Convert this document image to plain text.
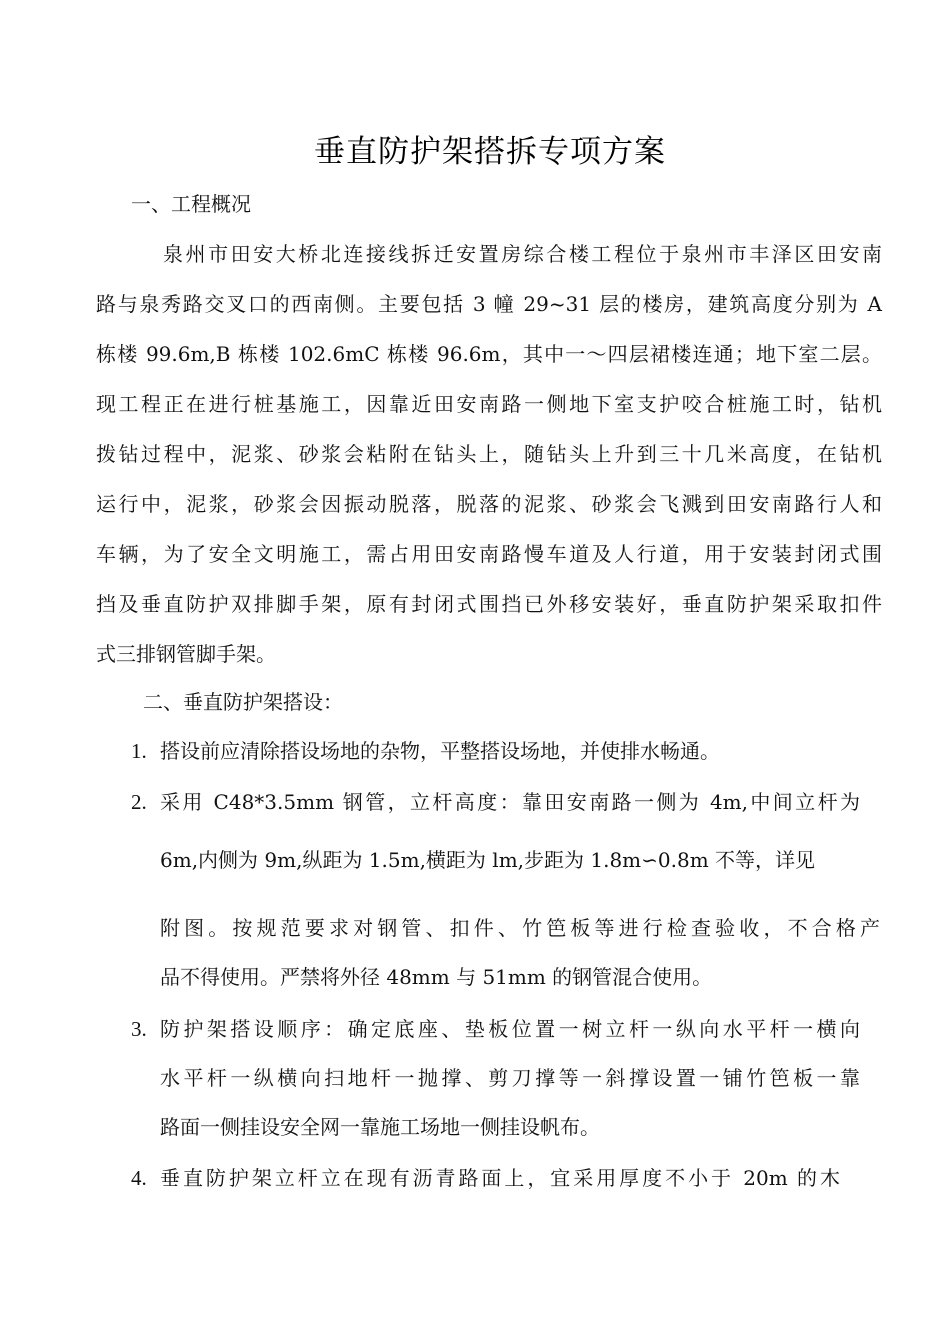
垂直防护架搭拆专项方案
一、工程概况
泉州市田安大桥北连接线拆迁安置房综合楼工程位于泉州市丰泽区田安南
路与泉秀路交叉口的西南侧。主要包括 3 幢 29~31 层的楼房，建筑高度分别为 A
栋楼 99.6m,B 栋楼 102.6mC 栋楼 96.6m，其中一～四层裙楼连通；地下室二层。
现工程正在进行桩基施工，因靠近田安南路一侧地下室支护咬合桩施工时，钻机
拨钻过程中，泥浆、砂浆会粘附在钻头上，随钻头上升到三十几米高度，在钻机
运行中，泥浆，砂浆会因振动脱落，脱落的泥浆、砂浆会飞溅到田安南路行人和
车辆，为了安全文明施工，需占用田安南路慢车道及人行道，用于安装封闭式围
挡及垂直防护双排脚手架，原有封闭式围挡已外移安装好，垂直防护架采取扣件
式三排钢管脚手架。
二、垂直防护架搭设：
1. 搭设前应清除搭设场地的杂物，平整搭设场地，并使排水畅通。
2. 采用 C48*3.5mm 钢管，立杆高度：靠田安南路一侧为 4m,中间立杆为
6m,内侧为 9m,纵距为 1.5m,横距为 lm,步距为 1.8m∽0.8m 不等，详见
附图。按规范要求对钢管、扣件、竹笆板等进行检查验收，不合格产
品不得使用。严禁将外径 48mm 与 51mm 的钢管混合使用。
3. 防护架搭设顺序：确定底座、垫板位置一树立杆一纵向水平杆一横向
水平杆一纵横向扫地杆一抛撑、剪刀撑等一斜撑设置一铺竹笆板一靠
路面一侧挂设安全网一靠施工场地一侧挂设帆布。
4. 垂直防护架立杆立在现有沥青路面上，宜采用厚度不小于 20m 的木
